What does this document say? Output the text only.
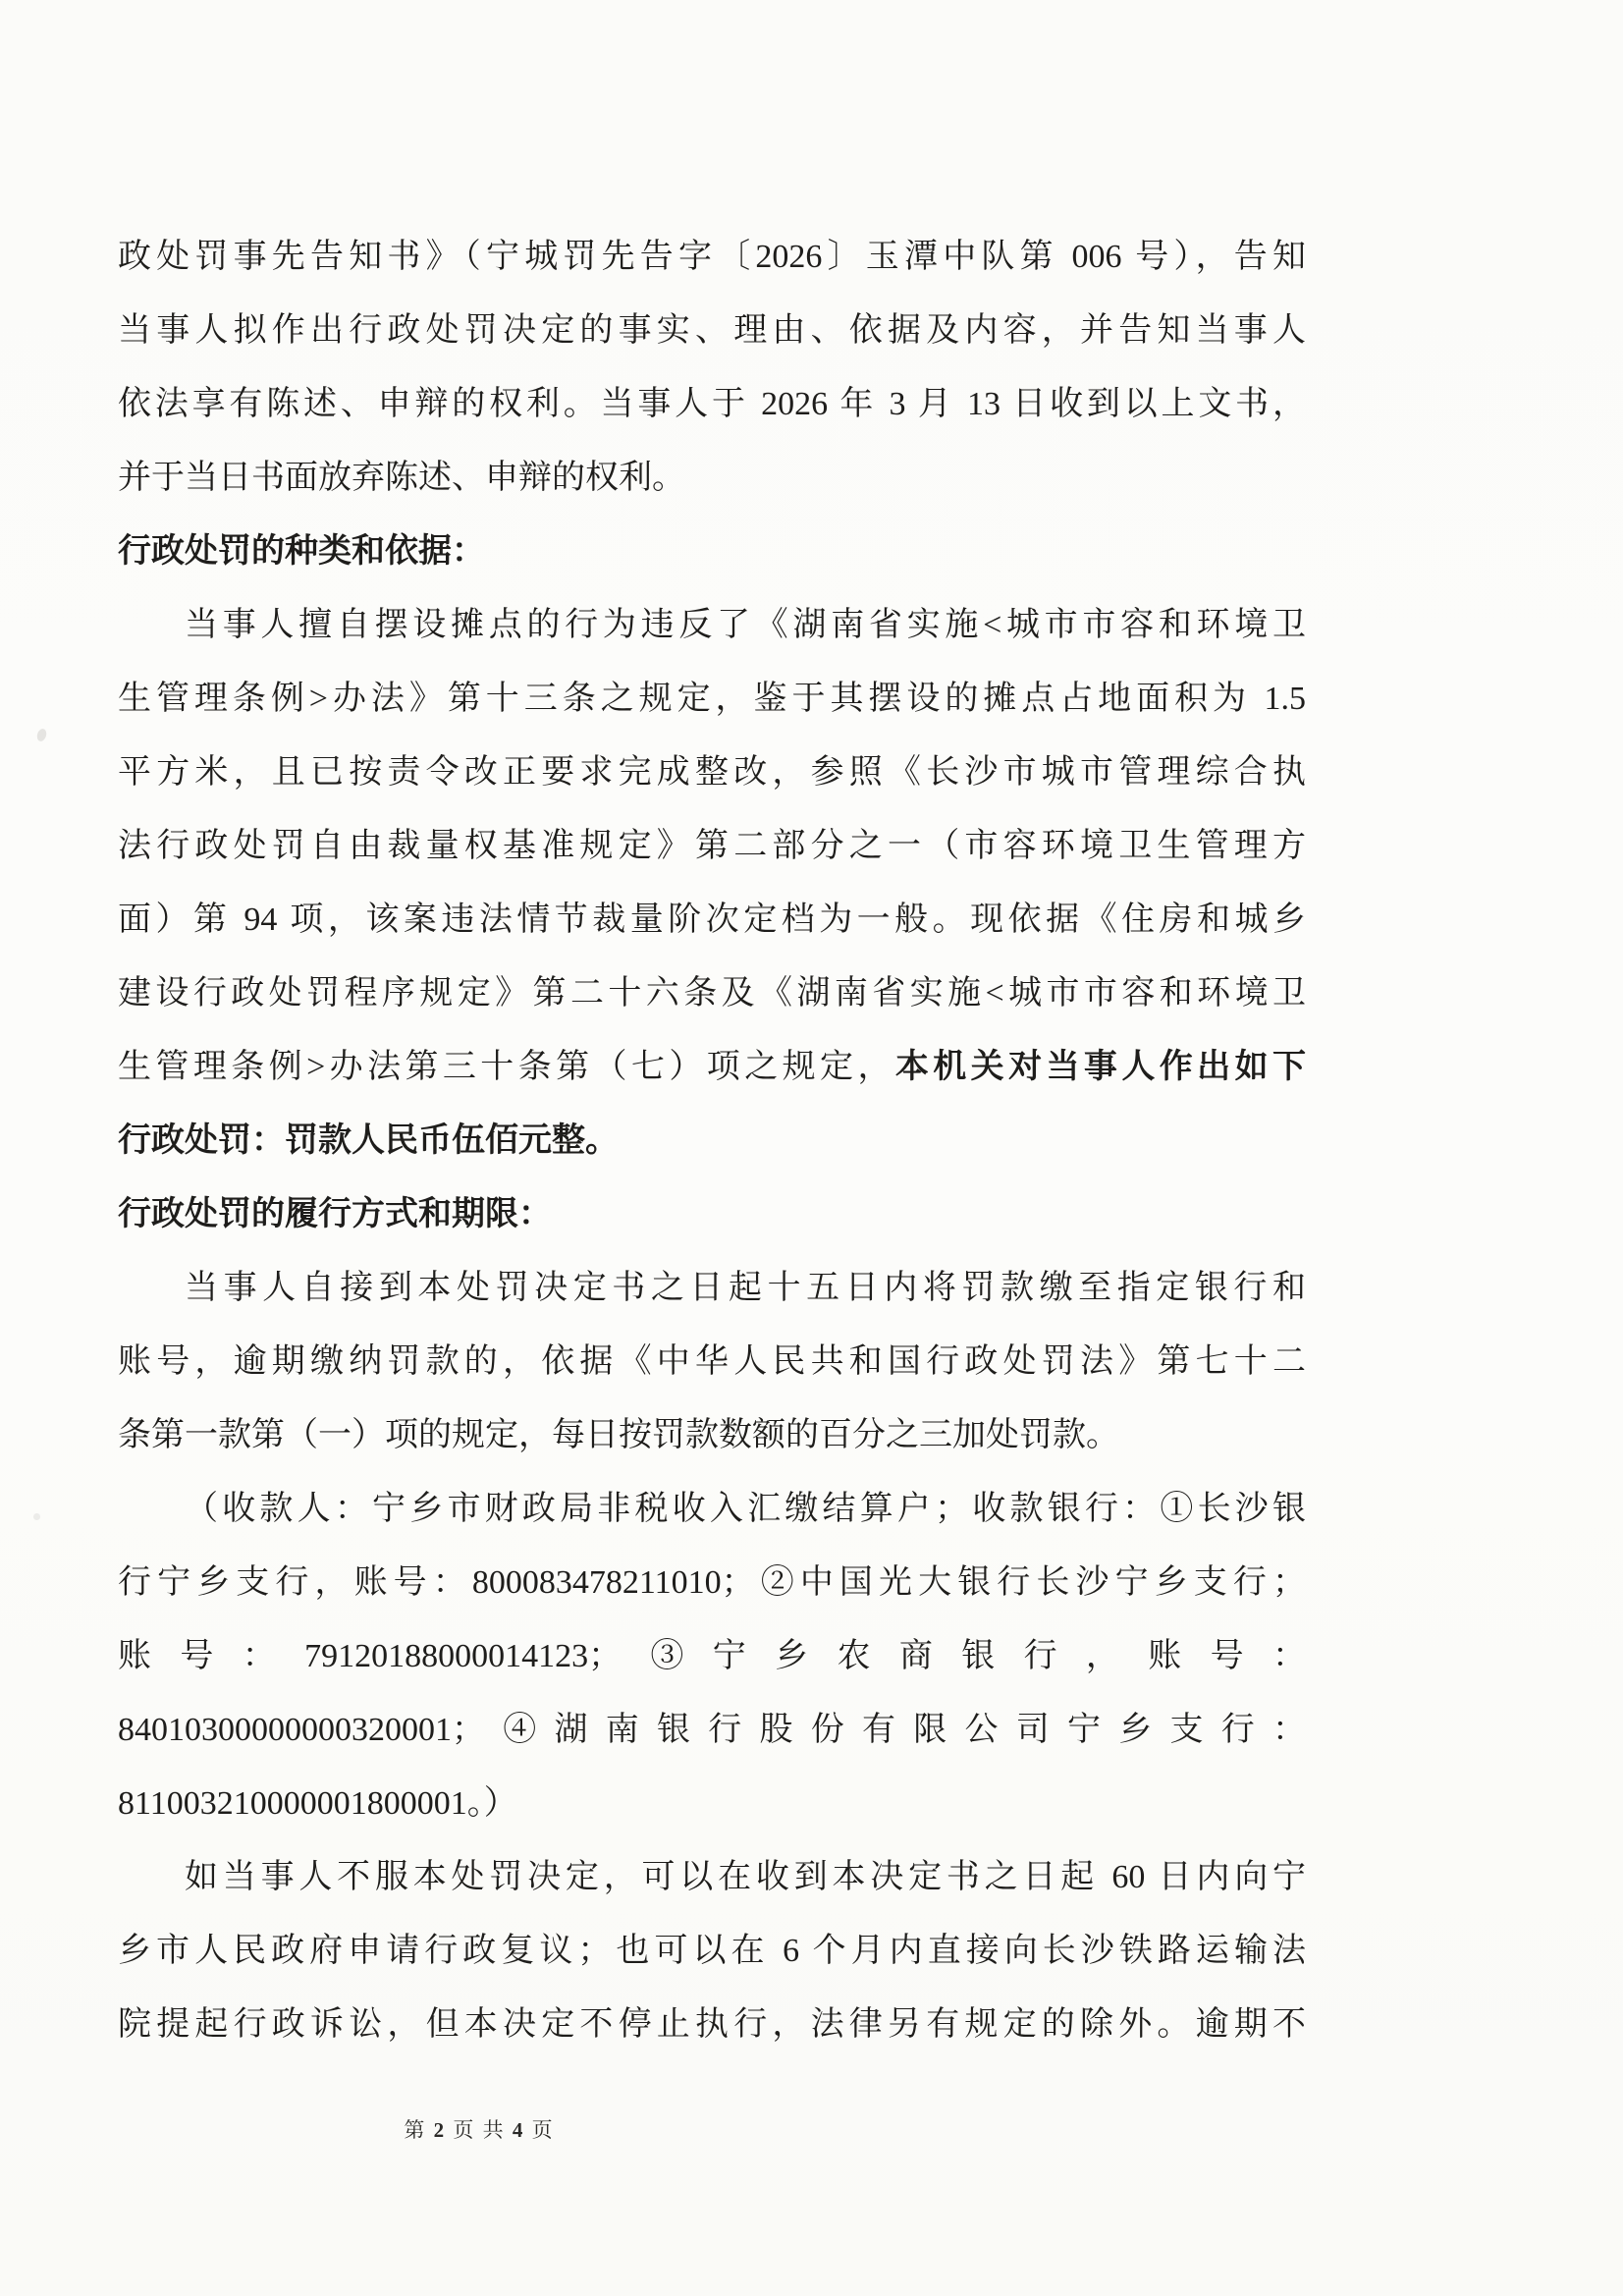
政处罚事先告知书》（宁城罚先告字〔2026〕玉潭中队第 006 号），告知
当事人拟作出行政处罚决定的事实、理由、依据及内容，并告知当事人
依法享有陈述、申辩的权利。当事人于 2026 年 3 月 13 日收到以上文书，
并于当日书面放弃陈述、申辩的权利。
行政处罚的种类和依据：
当事人擅自摆设摊点的行为违反了《湖南省实施<城市市容和环境卫
生管理条例>办法》第十三条之规定，鉴于其摆设的摊点占地面积为 1.5
平方米，且已按责令改正要求完成整改，参照《长沙市城市管理综合执
法行政处罚自由裁量权基准规定》第二部分之一（市容环境卫生管理方
面）第 94 项，该案违法情节裁量阶次定档为一般。现依据《住房和城乡
建设行政处罚程序规定》第二十六条及《湖南省实施<城市市容和环境卫
生管理条例>办法第三十条第（七）项之规定，本机关对当事人作出如下
行政处罚：罚款人民币伍佰元整。
行政处罚的履行方式和期限：
当事人自接到本处罚决定书之日起十五日内将罚款缴至指定银行和
账号，逾期缴纳罚款的，依据《中华人民共和国行政处罚法》第七十二
条第一款第（一）项的规定，每日按罚款数额的百分之三加处罚款。
（收款人：宁乡市财政局非税收入汇缴结算户；收款银行：①长沙银
行宁乡支行，账号：800083478211010；②中国光大银行长沙宁乡支行；
账号：79120188000014123；③宁乡农商银行，账号：
84010300000000320001；④湖南银行股份有限公司宁乡支行：
811003210000001800001。）
如当事人不服本处罚决定，可以在收到本决定书之日起 60 日内向宁
乡市人民政府申请行政复议；也可以在 6 个月内直接向长沙铁路运输法
院提起行政诉讼，但本决定不停止执行，法律另有规定的除外。逾期不
第 2 页 共 4 页
